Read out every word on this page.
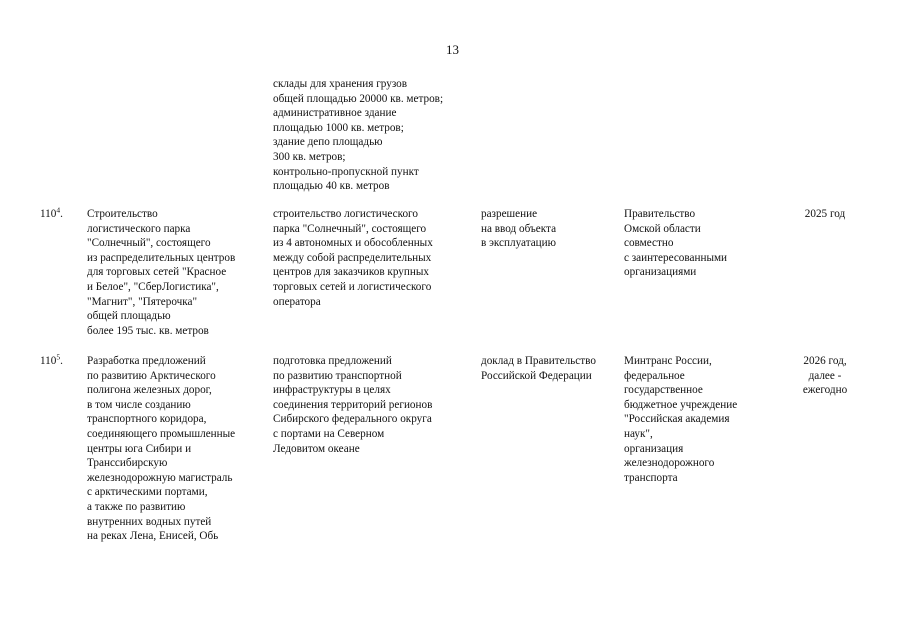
13
склады для хранения грузов
общей площадью 20000 кв. метров;
административное здание
площадью 1000 кв. метров;
здание депо площадью
300 кв. метров;
контрольно-пропускной пункт
площадью 40 кв. метров
$110^4$.	Строительство
логистического парка
"Солнечный", состоящего
из распределительных центров
для торговых сетей "Красное
и Белое", "СберЛогистика",
"Магнит", "Пятерочка"
общей площадью
более 195 тыс. кв. метров
строительство логистического
парка "Солнечный", состоящего
из 4 автономных и обособленных
между собой распределительных
центров для заказчиков крупных
торговых сетей и логистического
оператора
разрешение
на ввод объекта
в эксплуатацию
Правительство
Омской области
совместно
с заинтересованными
организациями
2025 год
$110^5$.	Разработка предложений
по развитию Арктического
полигона железных дорог,
в том числе созданию
транспортного коридора,
соединяющего промышленные
центры юга Сибири и
Транссибирскую
железнодорожную магистраль
с арктическими портами,
а также по развитию
внутренних водных путей
на реках Лена, Енисей, Обь
подготовка предложений
по развитию транспортной
инфраструктуры в целях
соединения территорий регионов
Сибирского федерального округа
с портами на Северном
Ледовитом океане
доклад в Правительство
Российской Федерации
Минтранс России,
федеральное
государственное
бюджетное учреждение
"Российская академия
наук",
организация
железнодорожного
транспорта
2026 год,
далее -
ежегодно
